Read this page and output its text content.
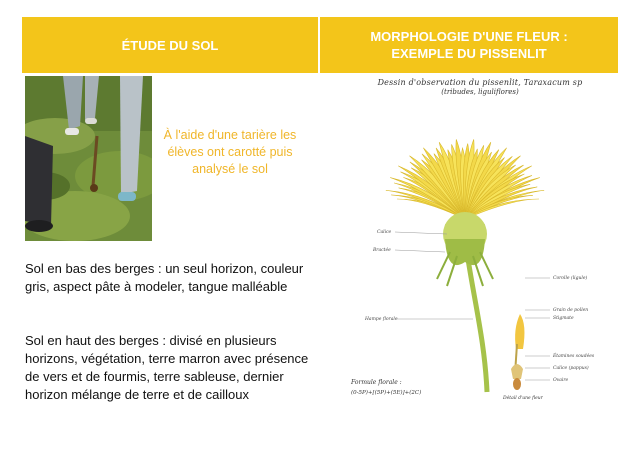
ÉTUDE DU SOL
MORPHOLOGIE D'UNE FLEUR :
EXEMPLE DU PISSENLIT
À l'aide d'une tarière les élèves ont carotté puis analysé le sol
Sol en bas des berges : un seul horizon, couleur gris, aspect pâte à modeler, tangue malléable
Sol en haut des berges : divisé en plusieurs horizons, végétation, terre marron avec présence de vers et de fourmis, terre sableuse, dernier horizon mélange de terre et de cailloux
Dessin d'observation du pissenlit, Taraxacum sp
(tribudes, liguliflores)
Calice
Bractée
Hampe florale
Corolle (ligule)
Grain de pollen
Stigmate
Étamines soudées
Calice (pappus)
Ovaire
Formule florale :
(0-5P)+[(5P)+(5E)]+(2C)
Détail d'une fleur
